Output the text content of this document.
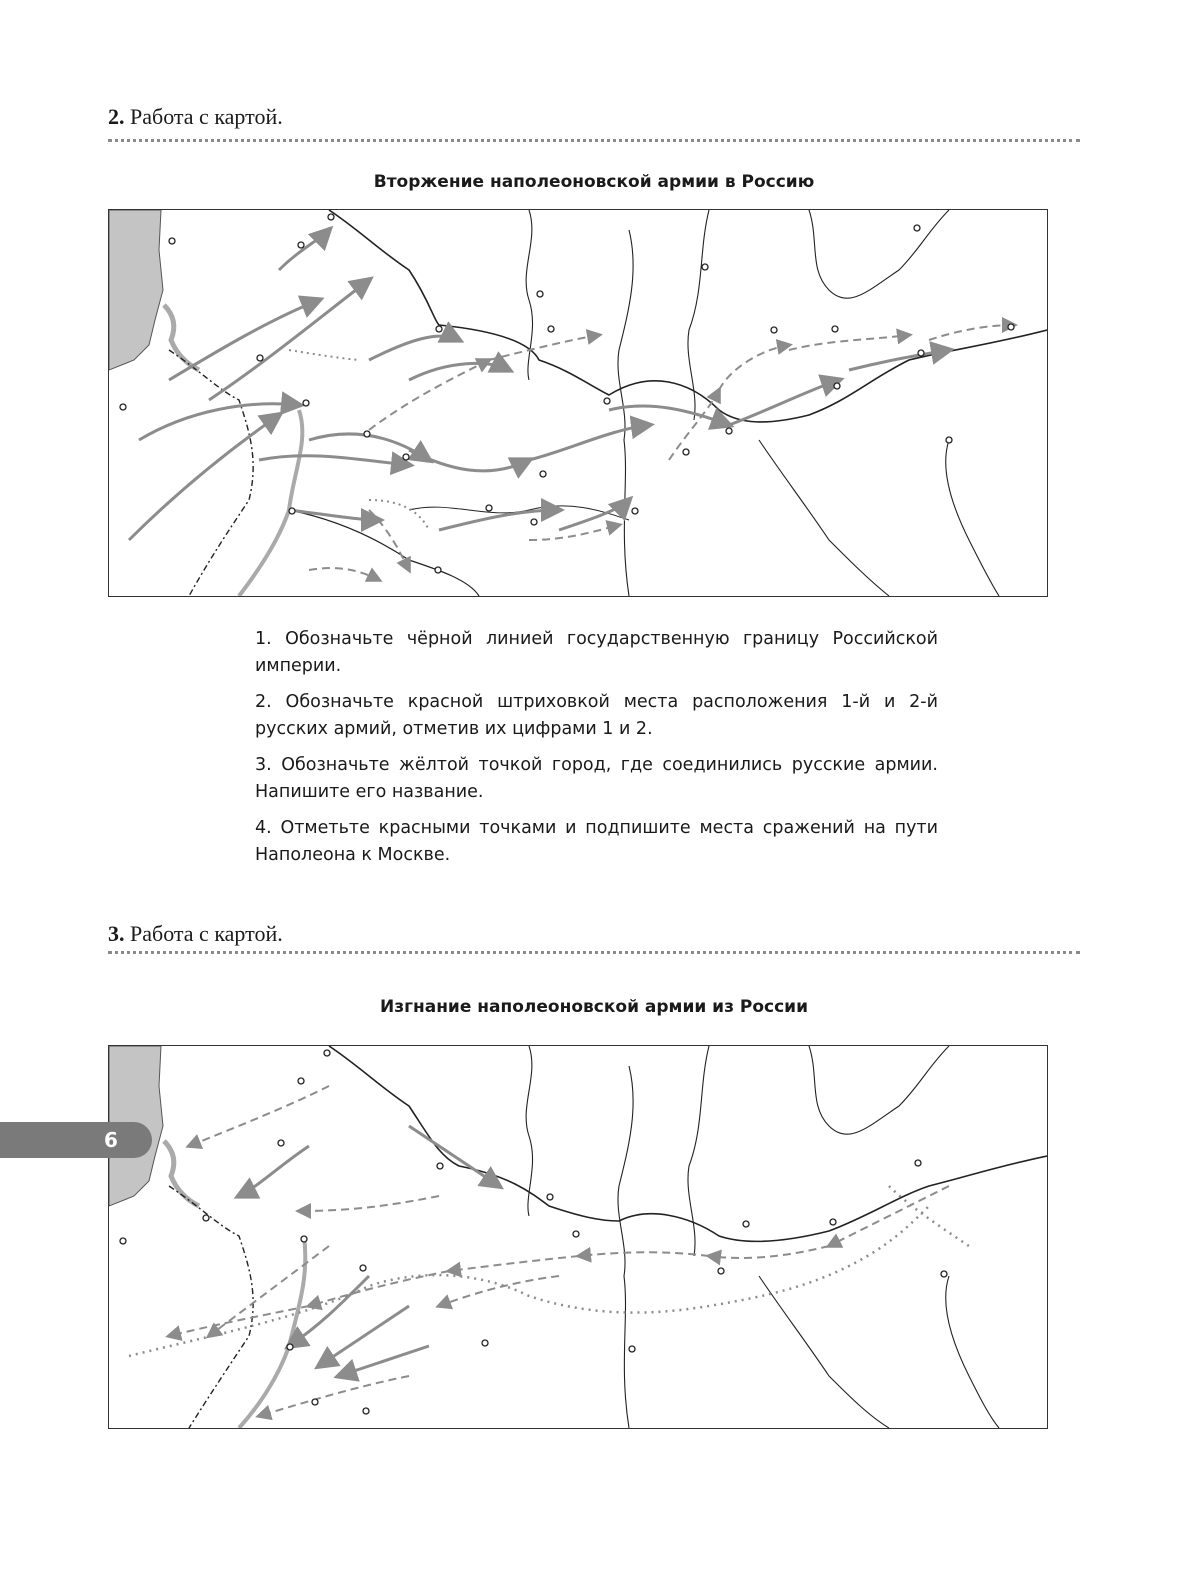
2. Работа с картой.
Вторжение наполеоновской армии в Россию

1. Обозначьте чёрной линией государственную границу Российской империи.

2. Обозначьте красной штриховкой места расположения 1-й и 2-й русских армий, отметив их цифрами 1 и 2.

3. Обозначьте жёлтой точкой город, где соединились русские армии. Напишите его название.

4. Отметьте красными точками и подпишите места сражений на пути Наполеона к Москве.

3. Работа с картой.
Изгнание наполеоновской армии из России
6
